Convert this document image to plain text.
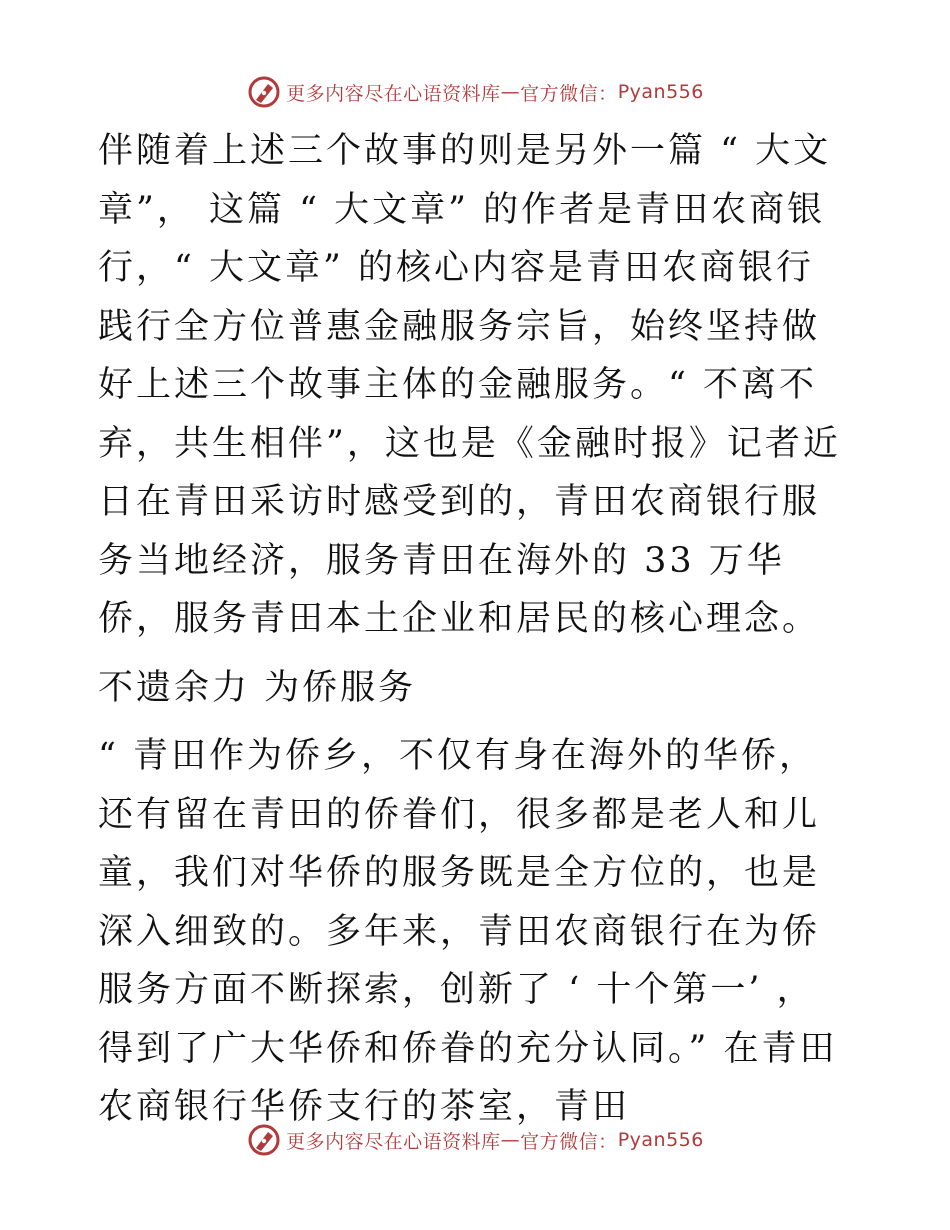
更多内容尽在心语资料库 — 官方微信： Pyan556

伴随着上述三个故事的则是另外一篇 “ 大文章”， 这篇 “ 大文章” 的作者是青田农商银行，“ 大文章” 的核心内容是青田农商银行践行全方位普惠金融服务宗旨，始终坚持做好上述三个故事主体的金融服务。“ 不离不弃，共生相伴”，这也是《金融时报》记者近日在青田采访时感受到的，青田农商银行服务当地经济，服务青田在海外的 33 万华侨，服务青田本土企业和居民的核心理念。

不遗余力 为侨服务

“ 青田作为侨乡，不仅有身在海外的华侨，还有留在青田的侨眷们，很多都是老人和儿童，我们对华侨的服务既是全方位的，也是深入细致的。多年来，青田农商银行在为侨服务方面不断探索，创新了 ‘ 十个第一’ ，得到了广大华侨和侨眷的充分认同。” 在青田农商银行华侨支行的茶室，青田

更多内容尽在心语资料库 — 官方微信： Pyan556
